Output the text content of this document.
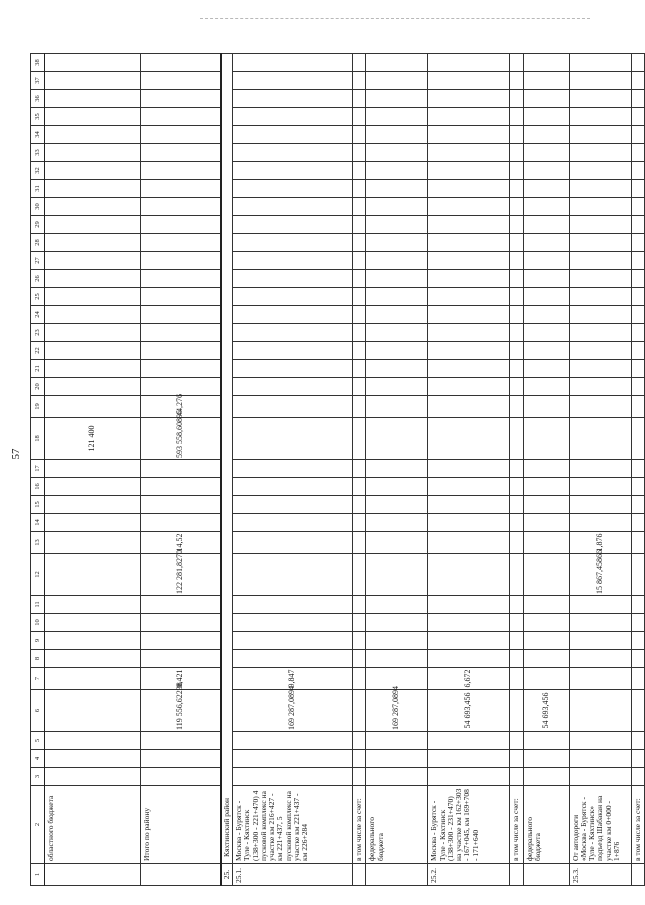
57
1	2	3	4	5	6	7	8	9	10	11	12	13	14	15	16	17	18	19	20	21	22	23	24	25	26	27	28	29	30	31	32	33	34	35	36	37	38	
	областного бюджета																121 400																					
	Итого по району				119 556,62238	8,421					122 281,8270	14,52					593 558,60895	44,276																				
25.	Кяхтинский район																																					
25.1.	Москва - Бурятск - Туле - Кяхтинск (138+300 - 221+470) 4 пусковой комплекс на участке км 216+427 - км 221+437, 5 пусковой комплекс на участке км 221+437 - км 226+284				169 287,0894	9,847																																	
	в том числе за счет:																																					
	федерального бюджета				169 287,0894																																	
25.2.	Москва - Бурятск - Туле - Кяхтинск (138+300 - 231+470) на участке км 162+303 - 167+045, км 169+708 - 171+640				54 693,456	6,672																																
	в том числе за счет:																																					
	федерального бюджета				54 693,456																																	
25.3.	От автодороги «Москва - Бурятск - Туле - Кяхтинск» подъезд Шабакан на участке км 0+000 - 1+876										15 867,45866	1,876																												
	в том числе за счет:																																					
